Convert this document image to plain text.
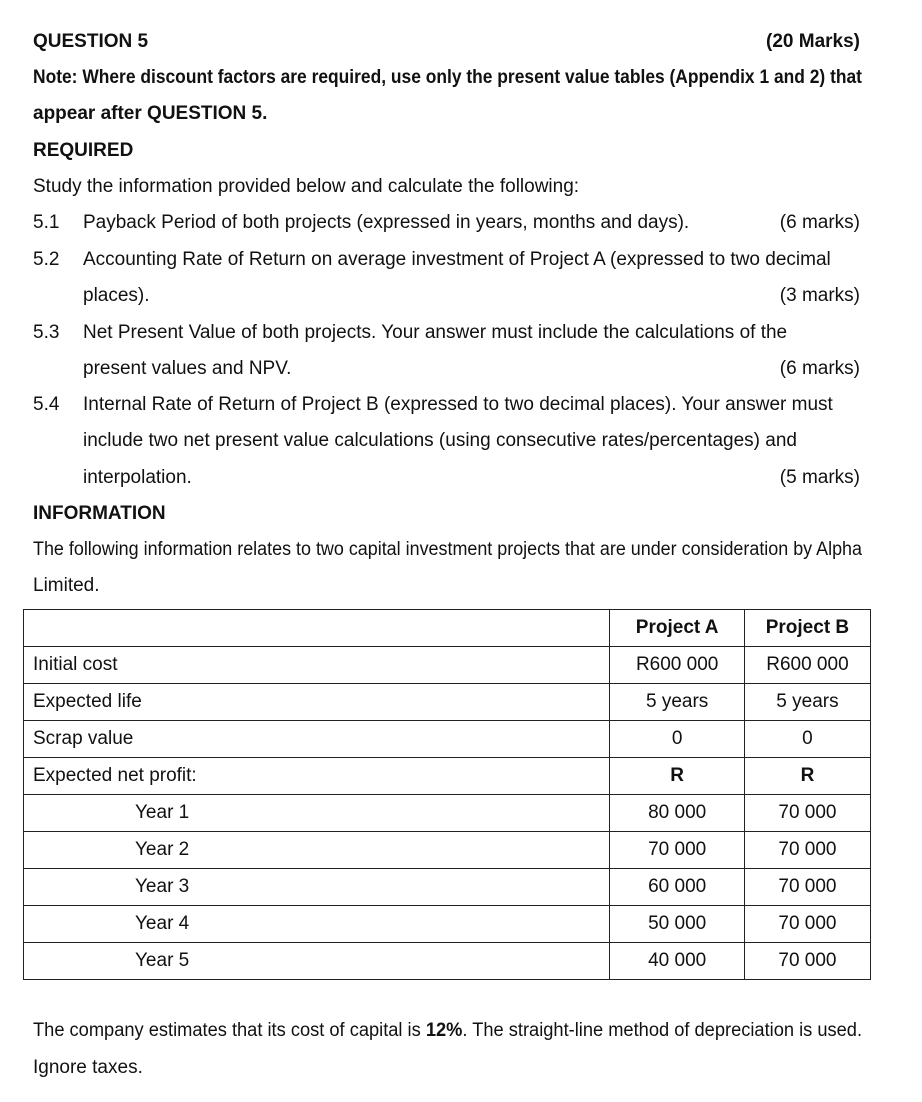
QUESTION 5	(20 Marks)
Note: Where discount factors are required, use only the present value tables (Appendix 1 and 2) that
appear after QUESTION 5.
REQUIRED
Study the information provided below and calculate the following:
5.1 Payback Period of both projects (expressed in years, months and days).	(6 marks)
5.2 Accounting Rate of Return on average investment of Project A (expressed to two decimal
places).	(3 marks)
5.3 Net Present Value of both projects. Your answer must include the calculations of the
present values and NPV.	(6 marks)
5.4 Internal Rate of Return of Project B (expressed to two decimal places). Your answer must
include two net present value calculations (using consecutive rates/percentages) and
interpolation.	(5 marks)
INFORMATION
The following information relates to two capital investment projects that are under consideration by Alpha
Limited.
	Project A	Project B
Initial cost	R600 000	R600 000
Expected life	5 years	5 years
Scrap value	0	0
Expected net profit:	R	R
Year 1	80 000	70 000
Year 2	70 000	70 000
Year 3	60 000	70 000
Year 4	50 000	70 000
Year 5	40 000	70 000
The company estimates that its cost of capital is 12%. The straight-line method of depreciation is used.
Ignore taxes.
